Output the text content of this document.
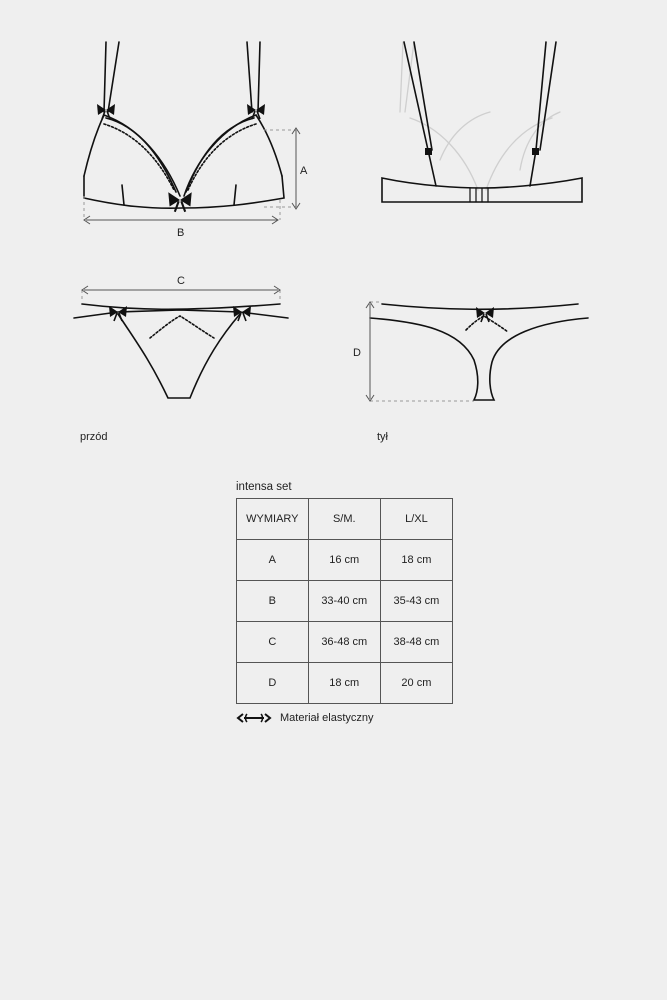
A
B
C
D
przód	tył
intensa set
WYMIARY	S/M.	L/XL
A	16 cm	18 cm
B	33-40 cm	35-43 cm
C	36-48 cm	38-48 cm
D	18 cm	20 cm
Materiał elastyczny
